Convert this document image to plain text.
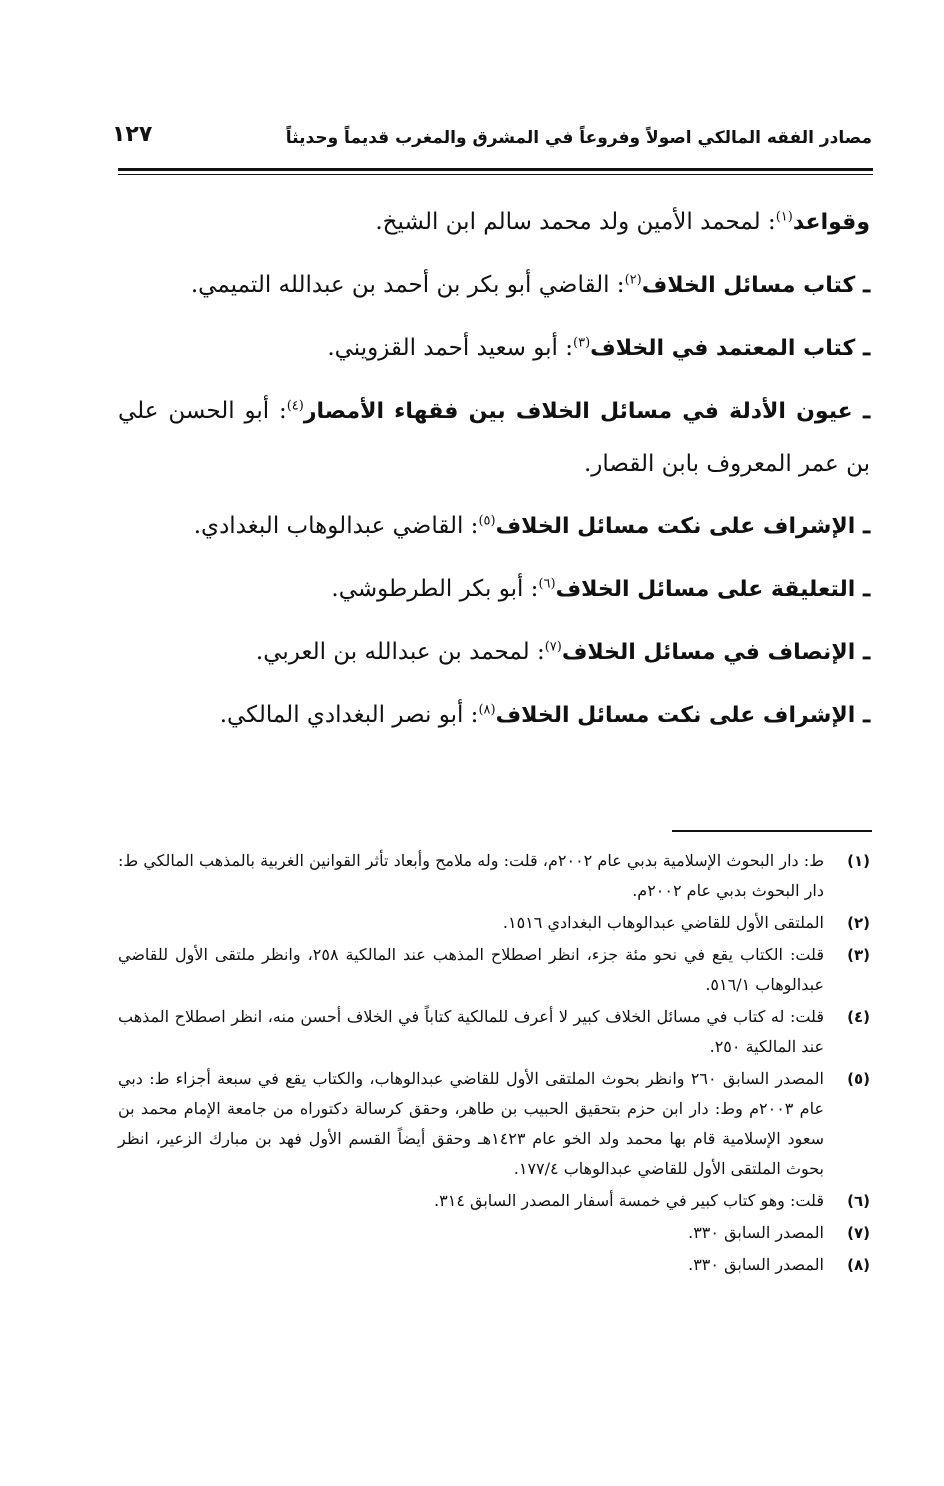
مصادر الفقه المالكي اصولاً وفروعاً في المشرق والمغرب قديماً وحديثاً
١٢٧

وقواعد$^{(١)}$: لمحمد الأمين ولد محمد سالم ابن الشيخ.

ـ كتاب مسائل الخلاف$^{(٢)}$: القاضي أبو بكر بن أحمد بن عبدالله التميمي.

ـ كتاب المعتمد في الخلاف$^{(٣)}$: أبو سعيد أحمد القزويني.

ـ عيون الأدلة في مسائل الخلاف بين فقهاء الأمصار$^{(٤)}$: أبو الحسن علي بن عمر المعروف بابن القصار.

ـ الإشراف على نكت مسائل الخلاف$^{(٥)}$: القاضي عبدالوهاب البغدادي.

ـ التعليقة على مسائل الخلاف$^{(٦)}$: أبو بكر الطرطوشي.

ـ الإنصاف في مسائل الخلاف$^{(٧)}$: لمحمد بن عبدالله بن العربي.

ـ الإشراف على نكت مسائل الخلاف$^{(٨)}$: أبو نصر البغدادي المالكي.

(١)
ط: دار البحوث الإسلامية بدبي عام ٢٠٠٢م، قلت: وله ملامح وأبعاد تأثر القوانين الغربية بالمذهب المالكي ط: دار البحوث بدبي عام ٢٠٠٢م.
(٢)
الملتقى الأول للقاضي عبدالوهاب البغدادي ١٥١٦.
(٣)
قلت: الكتاب يقع في نحو مئة جزء، انظر اصطلاح المذهب عند المالكية ٢٥٨، وانظر ملتقى الأول للقاضي عبدالوهاب ٥١٦/١.
(٤)
قلت: له كتاب في مسائل الخلاف كبير لا أعرف للمالكية كتاباً في الخلاف أحسن منه، انظر اصطلاح المذهب عند المالكية ٢٥٠.
(٥)
المصدر السابق ٢٦٠ وانظر بحوث الملتقى الأول للقاضي عبدالوهاب، والكتاب يقع في سبعة أجزاء ط: دبي عام ٢٠٠٣م وط: دار ابن حزم بتحقيق الحبيب بن طاهر، وحقق كرسالة دكتوراه من جامعة الإمام محمد بن سعود الإسلامية قام بها محمد ولد الخو عام ١٤٢٣هـ وحقق أيضاً القسم الأول فهد بن مبارك الزعير، انظر بحوث الملتقى الأول للقاضي عبدالوهاب ١٧٧/٤.
(٦)
قلت: وهو كتاب كبير في خمسة أسفار المصدر السابق ٣١٤.
(٧)
المصدر السابق ٣٣٠.
(٨)
المصدر السابق ٣٣٠.
